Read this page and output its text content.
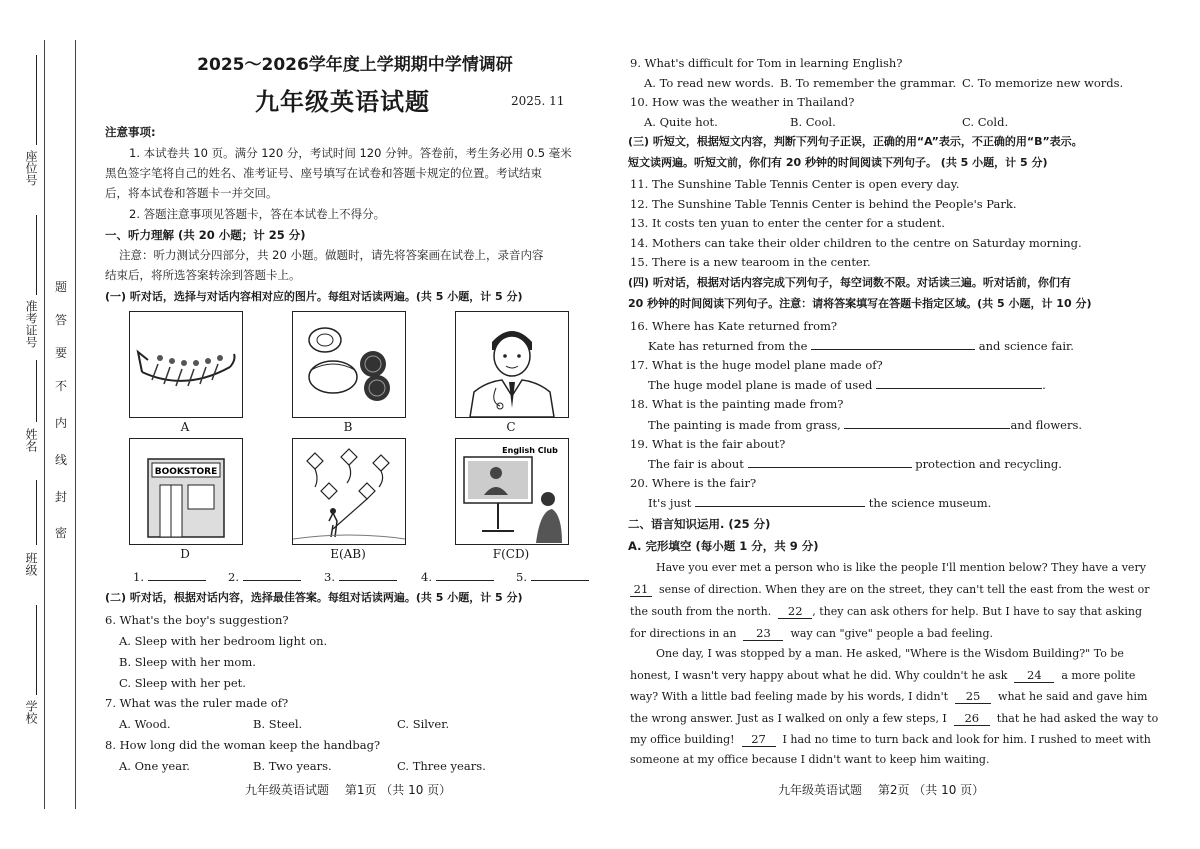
座位号
准考证号
姓名
班级
学校
题
答
要
不
内
线
封
密
2025～2026学年度上学期期中学情调研
九年级英语试题	2025. 11
注意事项:
1. 本试卷共 10 页。满分 120 分，考试时间 120 分钟。答卷前，考生务必用 0.5 毫米
黑色签字笔将自己的姓名、准考证号、座号填写在试卷和答题卡规定的位置。考试结束
后，将本试卷和答题卡一并交回。
2. 答题注意事项见答题卡，答在本试卷上不得分。
一、听力理解 (共 20 小题；计 25 分)
注意：听力测试分四部分，共 20 小题。做题时，请先将答案画在试卷上，录音内容
结束后，将所选答案转涂到答题卡上。
(一) 听对话，选择与对话内容相对应的图片。每组对话读两遍。(共 5 小题，计 5 分)
A	B	C
BOOKSTORE
D	E(AB)
English Club
F(CD)
1.	2.	3.	4.	5.
(二) 听对话，根据对话内容，选择最佳答案。每组对话读两遍。(共 5 小题，计 5 分)
6. What's the boy's suggestion?
A. Sleep with her bedroom light on.
B. Sleep with her mom.
C. Sleep with her pet.
7. What was the ruler made of?
A. Wood.	B. Steel.	C. Silver.
8. How long did the woman keep the handbag?
A. One year.	B. Two years.	C. Three years.
九年级英语试题　 第1页 （共 10 页）
9. What's difficult for Tom in learning English?
A. To read new words. B. To remember the grammar. C. To memorize new words.
10. How was the weather in Thailand?
A. Quite hot.	B. Cool.	C. Cold.
(三) 听短文，根据短文内容，判断下列句子正误，正确的用“A”表示，不正确的用“B”表示。
短文读两遍。听短文前，你们有 20 秒钟的时间阅读下列句子。 (共 5 小题，计 5 分)
11. The Sunshine Table Tennis Center is open every day.
12. The Sunshine Table Tennis Center is behind the People's Park.
13. It costs ten yuan to enter the center for a student.
14. Mothers can take their older children to the centre on Saturday morning.
15. There is a new tearoom in the center.
(四) 听对话，根据对话内容完成下列句子，每空词数不限。对话读三遍。听对话前，你们有
20 秒钟的时间阅读下列句子。注意：请将答案填写在答题卡指定区域。(共 5 小题，计 10 分)
16. Where has Kate returned from?
Kate has returned from the	and science fair.
17. What is the huge model plane made of?
The huge model plane is made of used	.
18. What is the painting made from?
The painting is made from grass,	and flowers.
19. What is the fair about?
The fair is about	protection and recycling.
20. Where is the fair?
It's just	the science museum.
二、语言知识运用. (25 分)
A. 完形填空 (每小题 1 分，共 9 分)
Have you ever met a person who is like the people I'll mention below? They have a very
21 sense of direction. When they are on the street, they can't tell the east from the west or
the south from the north. 22 , they can ask others for help. But I have to say that asking
for directions in an 23 way can "give" people a bad feeling.
One day, I was stopped by a man. He asked, "Where is the Wisdom Building?" To be
honest, I wasn't very happy about what he did. Why couldn't he ask 24 a more polite
way? With a little bad feeling made by his words, I didn't 25 what he said and gave him
the wrong answer. Just as I walked on only a few steps, I 26 that he had asked the way to
my office building! 27 I had no time to turn back and look for him. I rushed to meet with
someone at my office because I didn't want to keep him waiting.
九年级英语试题　 第2页 （共 10 页）
